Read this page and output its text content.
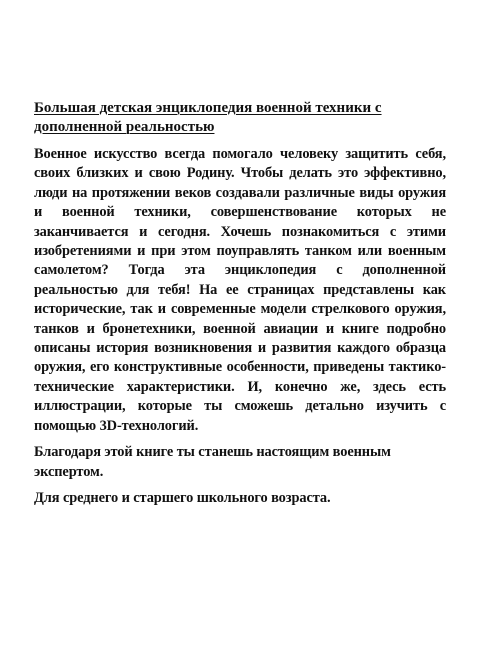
Большая детская энциклопедия военной техники с дополненной реальностью

Военное искусство всегда помогало человеку защитить себя, своих близких и свою Родину. Чтобы делать это эффективно, люди на протяжении веков создавали различные виды оружия и военной техники, совершенствование которых не заканчивается и сегодня. Хочешь познакомиться с этими изобретениями и при этом поуправлять танком или военным самолетом? Тогда эта энциклопедия с дополненной реальностью для тебя! На ее страницах представлены как исторические, так и современные модели стрелкового оружия, танков и бронетехники, военной авиации и книге подробно описаны история возникновения и развития каждого образца оружия, его конструктивные особенности, приведены тактико-технические характеристики. И, конечно же, здесь есть иллюстрации, которые ты сможешь детально изучить с помощью 3D-технологий.

Благодаря этой книге ты станешь настоящим военным экспертом.

Для среднего и старшего школьного возраста.
